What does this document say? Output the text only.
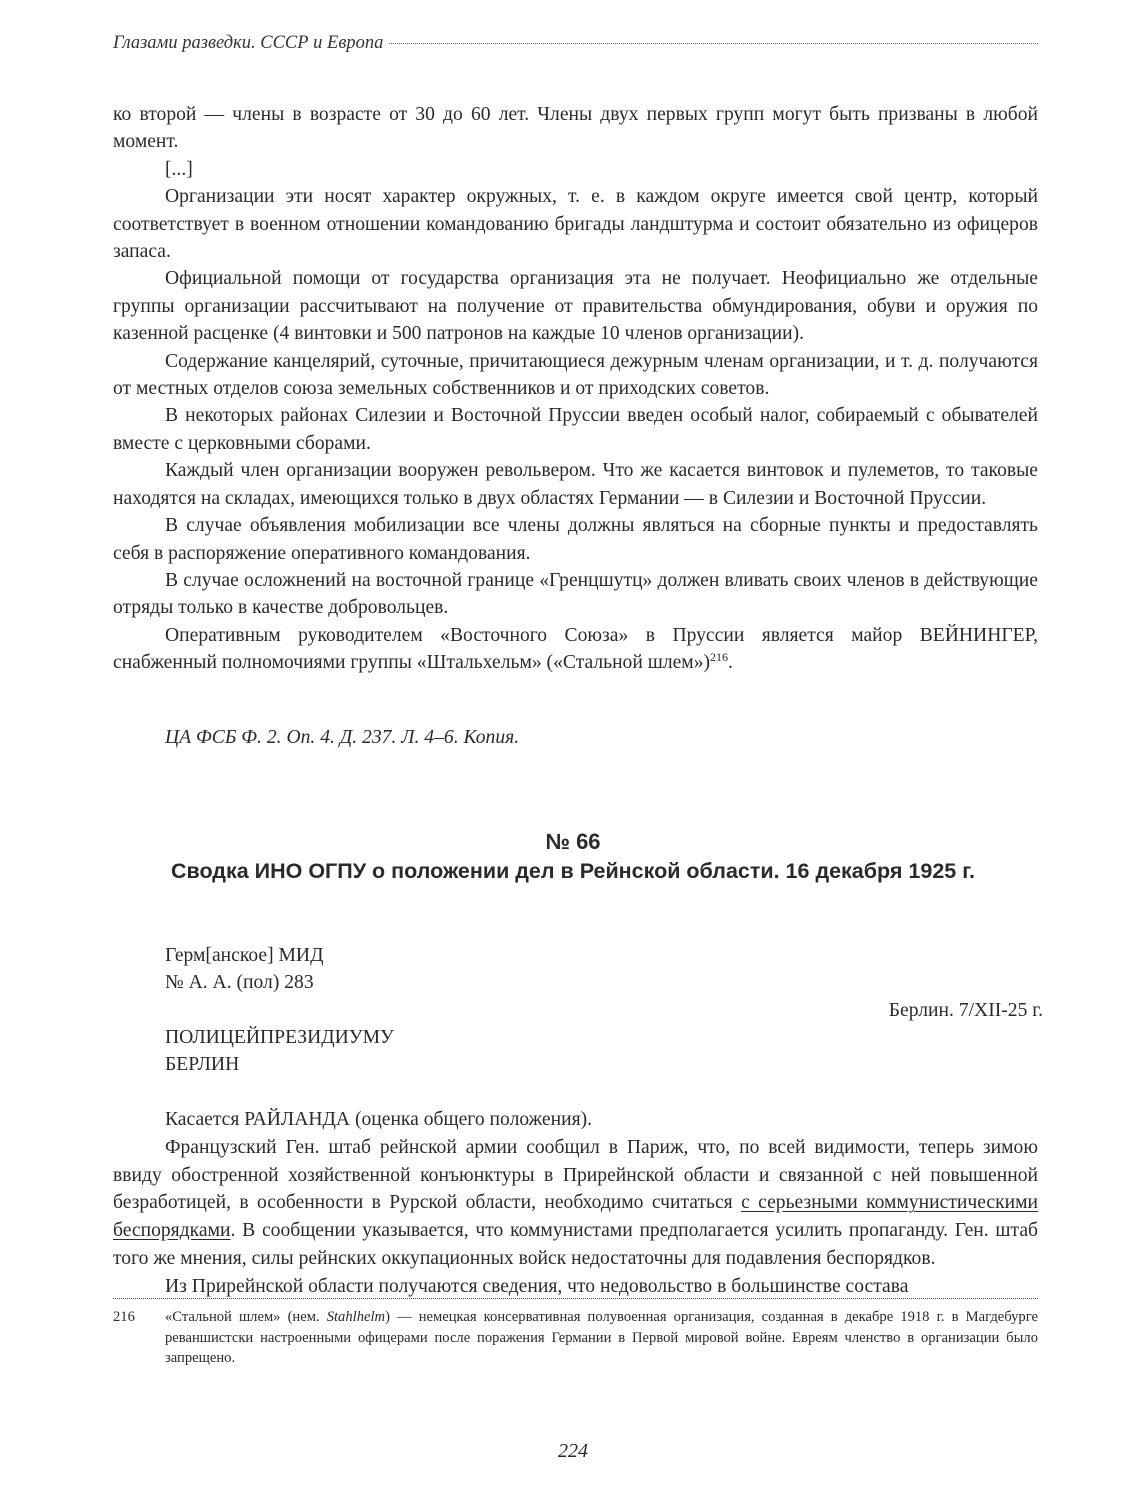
Глазами разведки. СССР и Европа

ко второй — члены в возрасте от 30 до 60 лет. Члены двух первых групп могут быть призваны в любой момент.

[...]

Организации эти носят характер окружных, т. е. в каждом округе имеется свой центр, который соответствует в военном отношении командованию бригады ландштурма и состоит обязательно из офицеров запаса.

Официальной помощи от государства организация эта не получает. Неофициально же отдельные группы организации рассчитывают на получение от правительства обмундирования, обуви и оружия по казенной расценке (4 винтовки и 500 патронов на каждые 10 членов организации).

Содержание канцелярий, суточные, причитающиеся дежурным членам организации, и т. д. получаются от местных отделов союза земельных собственников и от приходских советов.

В некоторых районах Силезии и Восточной Пруссии введен особый налог, собираемый с обывателей вместе с церковными сборами.

Каждый член организации вооружен револьвером. Что же касается винтовок и пулеметов, то таковые находятся на складах, имеющихся только в двух областях Германии — в Силезии и Восточной Пруссии.

В случае объявления мобилизации все члены должны являться на сборные пункты и предоставлять себя в распоряжение оперативного командования.

В случае осложнений на восточной границе «Гренцшутц» должен вливать своих членов в действующие отряды только в качестве добровольцев.

Оперативным руководителем «Восточного Союза» в Пруссии является майор ВЕЙНИНГЕР, снабженный полномочиями группы «Штальхельм» («Стальной шлем»)$^{216}$.

ЦА ФСБ Ф. 2. Оп. 4. Д. 237. Л. 4–6. Копия.
№ 66
Сводка ИНО ОГПУ о положении дел в Рейнской области. 16 декабря 1925 г.
Герм[анское] МИД
№ А. А. (пол) 283
Берлин. 7/XII-25 г.
ПОЛИЦЕЙПРЕЗИДИУМУ
БЕРЛИН

Касается РАЙЛАНДА (оценка общего положения).

Французский Ген. штаб рейнской армии сообщил в Париж, что, по всей видимости, теперь зимою ввиду обостренной хозяйственной конъюнктуры в Прирейнской области и связанной с ней повышенной безработицей, в особенности в Рурской области, необходимо считаться с серьезными коммунистическими беспорядками. В сообщении указывается, что коммунистами предполагается усилить пропаганду. Ген. штаб того же мнения, силы рейнских оккупационных войск недостаточны для подавления беспорядков.

Из Прирейнской области получаются сведения, что недовольство в большинстве состава

216 «Стальной шлем» (нем. Stahlhelm) — немецкая консервативная полувоенная организация, созданная в декабре 1918 г. в Магдебурге реваншистски настроенными офицерами после поражения Германии в Первой мировой войне. Евреям членство в организации было запрещено.
224
